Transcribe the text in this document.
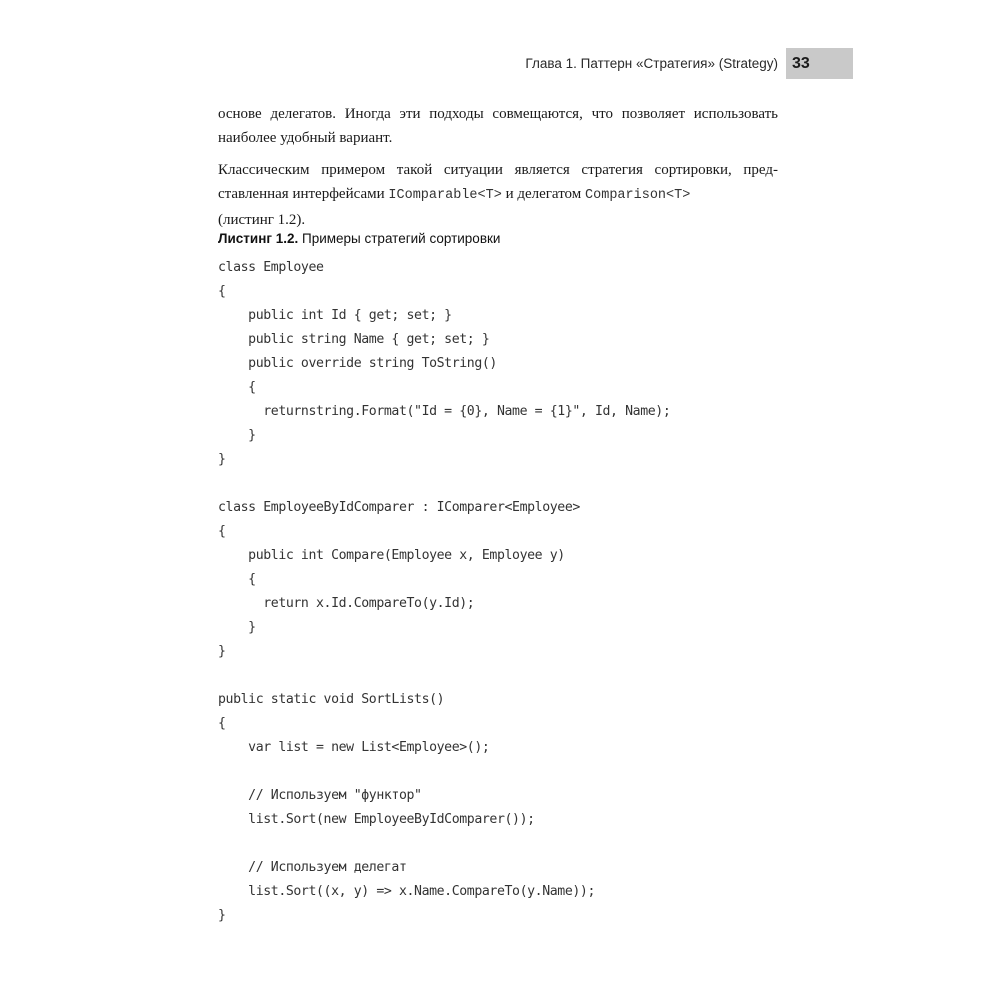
Глава 1. Паттерн «Стратегия» (Strategy) 33
основе делегатов. Иногда эти подходы совмещаются, что позволяет использовать
наиболее удобный вариант.
Классическим примером такой ситуации является стратегия сортировки, пред-
ставленная интерфейсами IComparable<T> и делегатом Comparison<T>
(листинг 1.2).
Листинг 1.2. Примеры стратегий сортировки
class Employee
{
public int Id { get; set; }
public string Name { get; set; }
public override string ToString()
{
returnstring.Format("Id = {0}, Name = {1}", Id, Name);
}
}
class EmployeeByIdComparer : IComparer<Employee>
{
public int Compare(Employee x, Employee y)
{
return x.Id.CompareTo(y.Id);
}
}
public static void SortLists()
{
var list = new List<Employee>();
// Используем "функтор"
list.Sort(new EmployeeByIdComparer());
// Используем делегат
list.Sort((x, y) => x.Name.CompareTo(y.Name));
}
